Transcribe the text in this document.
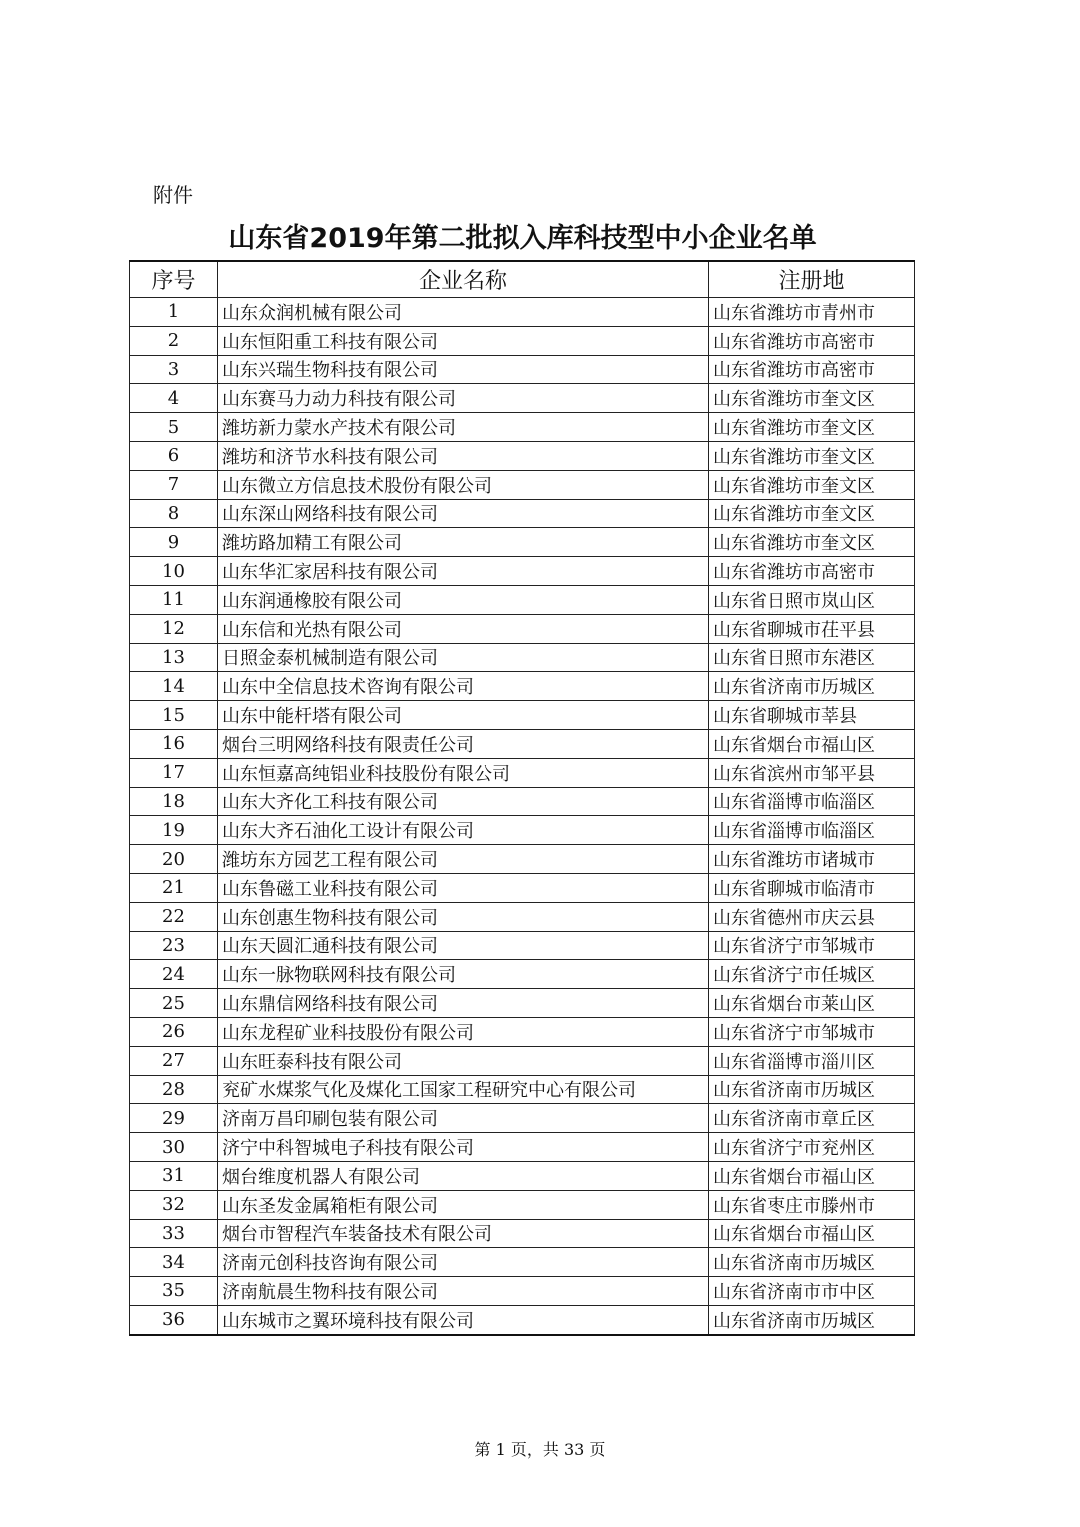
附件
山东省2019年第二批拟入库科技型中小企业名单
序号	企业名称	注册地
1	山东众润机械有限公司	山东省潍坊市青州市
2	山东恒阳重工科技有限公司	山东省潍坊市高密市
3	山东兴瑞生物科技有限公司	山东省潍坊市高密市
4	山东赛马力动力科技有限公司	山东省潍坊市奎文区
5	潍坊新力蒙水产技术有限公司	山东省潍坊市奎文区
6	潍坊和济节水科技有限公司	山东省潍坊市奎文区
7	山东微立方信息技术股份有限公司	山东省潍坊市奎文区
8	山东深山网络科技有限公司	山东省潍坊市奎文区
9	潍坊路加精工有限公司	山东省潍坊市奎文区
10	山东华汇家居科技有限公司	山东省潍坊市高密市
11	山东润通橡胶有限公司	山东省日照市岚山区
12	山东信和光热有限公司	山东省聊城市茌平县
13	日照金泰机械制造有限公司	山东省日照市东港区
14	山东中全信息技术咨询有限公司	山东省济南市历城区
15	山东中能杆塔有限公司	山东省聊城市莘县
16	烟台三明网络科技有限责任公司	山东省烟台市福山区
17	山东恒嘉高纯铝业科技股份有限公司	山东省滨州市邹平县
18	山东大齐化工科技有限公司	山东省淄博市临淄区
19	山东大齐石油化工设计有限公司	山东省淄博市临淄区
20	潍坊东方园艺工程有限公司	山东省潍坊市诸城市
21	山东鲁磁工业科技有限公司	山东省聊城市临清市
22	山东创惠生物科技有限公司	山东省德州市庆云县
23	山东天圆汇通科技有限公司	山东省济宁市邹城市
24	山东一脉物联网科技有限公司	山东省济宁市任城区
25	山东鼎信网络科技有限公司	山东省烟台市莱山区
26	山东龙程矿业科技股份有限公司	山东省济宁市邹城市
27	山东旺泰科技有限公司	山东省淄博市淄川区
28	兖矿水煤浆气化及煤化工国家工程研究中心有限公司	山东省济南市历城区
29	济南万昌印刷包装有限公司	山东省济南市章丘区
30	济宁中科智城电子科技有限公司	山东省济宁市兖州区
31	烟台维度机器人有限公司	山东省烟台市福山区
32	山东圣发金属箱柜有限公司	山东省枣庄市滕州市
33	烟台市智程汽车装备技术有限公司	山东省烟台市福山区
34	济南元创科技咨询有限公司	山东省济南市历城区
35	济南航晨生物科技有限公司	山东省济南市市中区
36	山东城市之翼环境科技有限公司	山东省济南市历城区
第 1 页，共 33 页
